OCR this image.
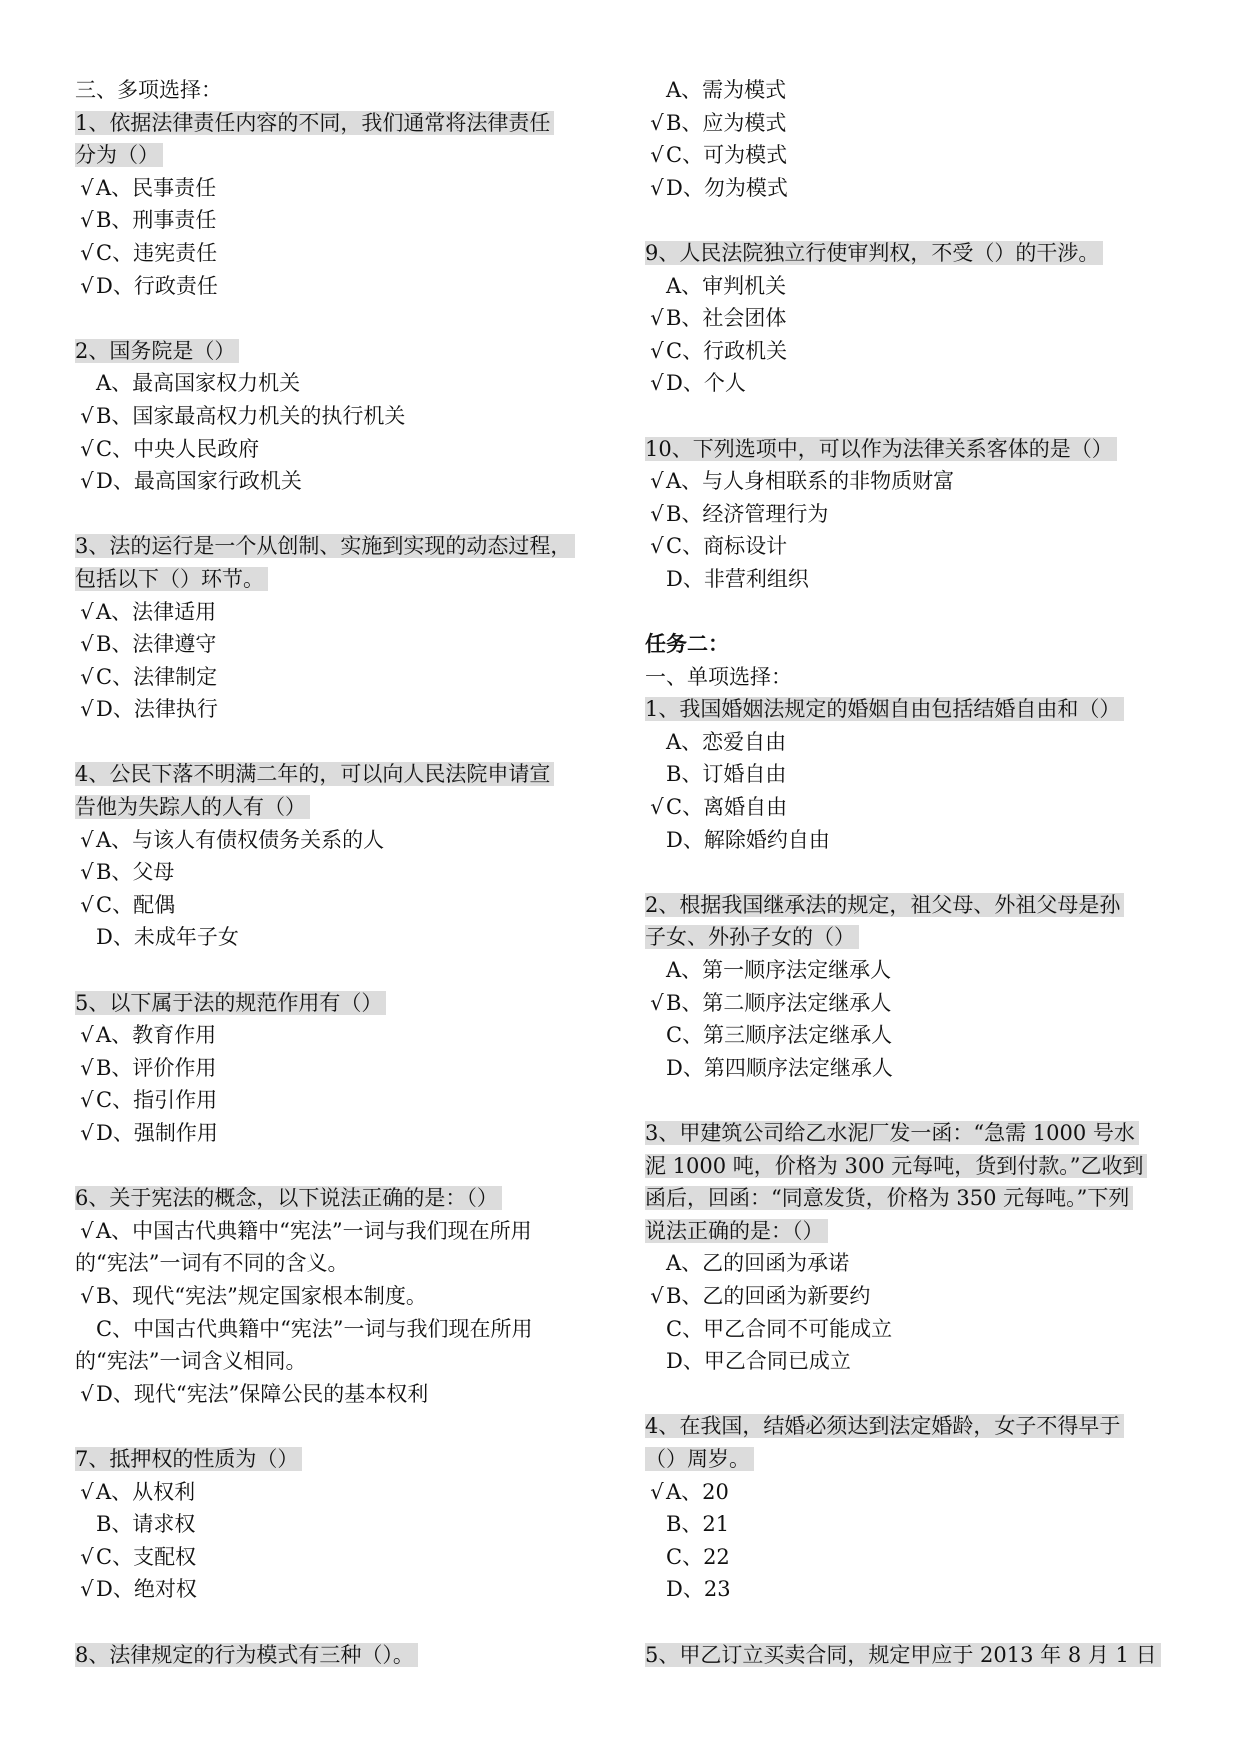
三、多项选择：
1、依据法律责任内容的不同，我们通常将法律责任
分为（）
√ A、民事责任
√ B、刑事责任
√ C、违宪责任
√ D、行政责任
2、国务院是（）
A、最高国家权力机关
√ B、国家最高权力机关的执行机关
√ C、中央人民政府
√ D、最高国家行政机关
3、法的运行是一个从创制、实施到实现的动态过程，
包括以下（）环节。
√ A、法律适用
√ B、法律遵守
√ C、法律制定
√ D、法律执行
4、公民下落不明满二年的，可以向人民法院申请宣
告他为失踪人的人有（）
√ A、与该人有债权债务关系的人
√ B、父母
√ C、配偶
D、未成年子女
5、以下属于法的规范作用有（）
√ A、教育作用
√ B、评价作用
√ C、指引作用
√ D、强制作用
6、关于宪法的概念，以下说法正确的是：（）
√ A、中国古代典籍中“宪法”一词与我们现在所用
的“宪法”一词有不同的含义。
√ B、现代“宪法”规定国家根本制度。
C、中国古代典籍中“宪法”一词与我们现在所用
的“宪法”一词含义相同。
√ D、现代“宪法”保障公民的基本权利
7、抵押权的性质为（）
√ A、从权利
B、请求权
√ C、支配权
√ D、绝对权
8、法律规定的行为模式有三种（）。
A、需为模式
√ B、应为模式
√ C、可为模式
√ D、勿为模式
9、人民法院独立行使审判权，不受（）的干涉。
A、审判机关
√ B、社会团体
√ C、行政机关
√ D、个人
10、下列选项中，可以作为法律关系客体的是（）
√ A、与人身相联系的非物质财富
√ B、经济管理行为
√ C、商标设计
D、非营利组织
任务二：
一、单项选择：
1、我国婚姻法规定的婚姻自由包括结婚自由和（）
A、恋爱自由
B、订婚自由
√ C、离婚自由
D、解除婚约自由
2、根据我国继承法的规定，祖父母、外祖父母是孙
子女、外孙子女的（）
A、第一顺序法定继承人
√ B、第二顺序法定继承人
C、第三顺序法定继承人
D、第四顺序法定继承人
3、甲建筑公司给乙水泥厂发一函：“急需 1000 号水
泥 1000 吨，价格为 300 元每吨，货到付款。”乙收到
函后，回函：“同意发货，价格为 350 元每吨。”下列
说法正确的是：（）
A、乙的回函为承诺
√ B、乙的回函为新要约
C、甲乙合同不可能成立
D、甲乙合同已成立
4、在我国，结婚必须达到法定婚龄，女子不得早于
（）周岁。
√ A、20
B、21
C、22
D、23
5、甲乙订立买卖合同，规定甲应于 2013 年 8 月 1 日
